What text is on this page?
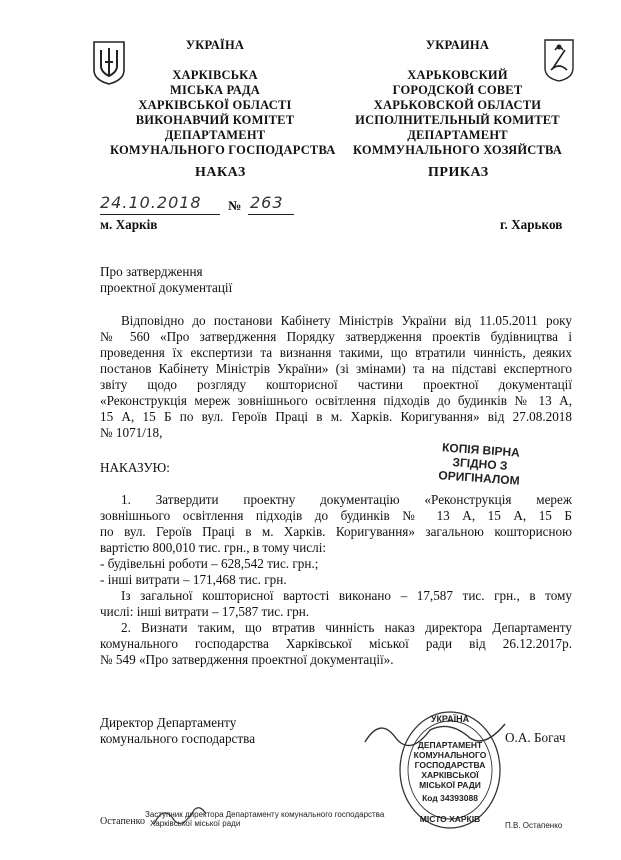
УКРАЇНА
ХАРКІВСЬКА
МІСЬКА РАДА
ХАРКІВСЬКОЇ ОБЛАСТІ
ВИКОНАВЧИЙ КОМІТЕТ
ДЕПАРТАМЕНТ
КОМУНАЛЬНОГО ГОСПОДАРСТВА
УКРАИНА
ХАРЬКОВСКИЙ
ГОРОДСКОЙ СОВЕТ
ХАРЬКОВСКОЙ ОБЛАСТИ
ИСПОЛНИТЕЛЬНЫЙ КОМИТЕТ
ДЕПАРТАМЕНТ
КОММУНАЛЬНОГО ХОЗЯЙСТВА
НАКАЗ	ПРИКАЗ
24.10.2018 № 263
м. Харків	г. Харьков
Про затвердження
проектної документації
Відповідно до постанови Кабінету Міністрів України від 11.05.2011 року
№ 560 «Про затвердження Порядку затвердження проектів будівництва і
проведення їх експертизи та визнання такими, що втратили чинність, деяких
постанов Кабінету Міністрів України» (зі змінами) та на підставі експертного
звіту щодо розгляду кошторисної частини проектної документації
«Реконструкція мереж зовнішнього освітлення підходів до будинків № 13 А,
15 А, 15 Б по вул. Героїв Праці в м. Харків. Коригування» від 27.08.2018
№ 1071/18,
КОПІЯ ВІРНА
ЗГІДНО З
ОРИГІНАЛОМ
НАКАЗУЮ:
1. Затвердити проектну документацію «Реконструкція мереж
зовнішнього освітлення підходів до будинків № 13 А, 15 А, 15 Б
по вул. Героїв Праці в м. Харків. Коригування» загальною кошторисною
вартістю 800,010 тис. грн., в тому числі:
- будівельні роботи – 628,542 тис. грн.;
- інші витрати – 171,468 тис. грн.
Із загальної кошторисної вартості виконано – 17,587 тис. грн., в тому
числі: інші витрати – 17,587 тис. грн.
2. Визнати таким, що втратив чинність наказ директора Департаменту
комунального господарства Харківської міської ради від 26.12.2017р.
№ 549 «Про затвердження проектної документації».
Директор Департаменту
комунального господарства	О.А. Богач
УКРАЇНА
ДЕПАРТАМЕНТ
КОМУНАЛЬНОГО
ГОСПОДАРСТВА
ХАРКІВСЬКОЇ
МІСЬКОЇ РАДИ
Код 34393088
МІСТО ХАРКІВ
Остапенко
Заступник директора Департаменту комунального господарства
Харківської міської ради	П.В. Остапенко
